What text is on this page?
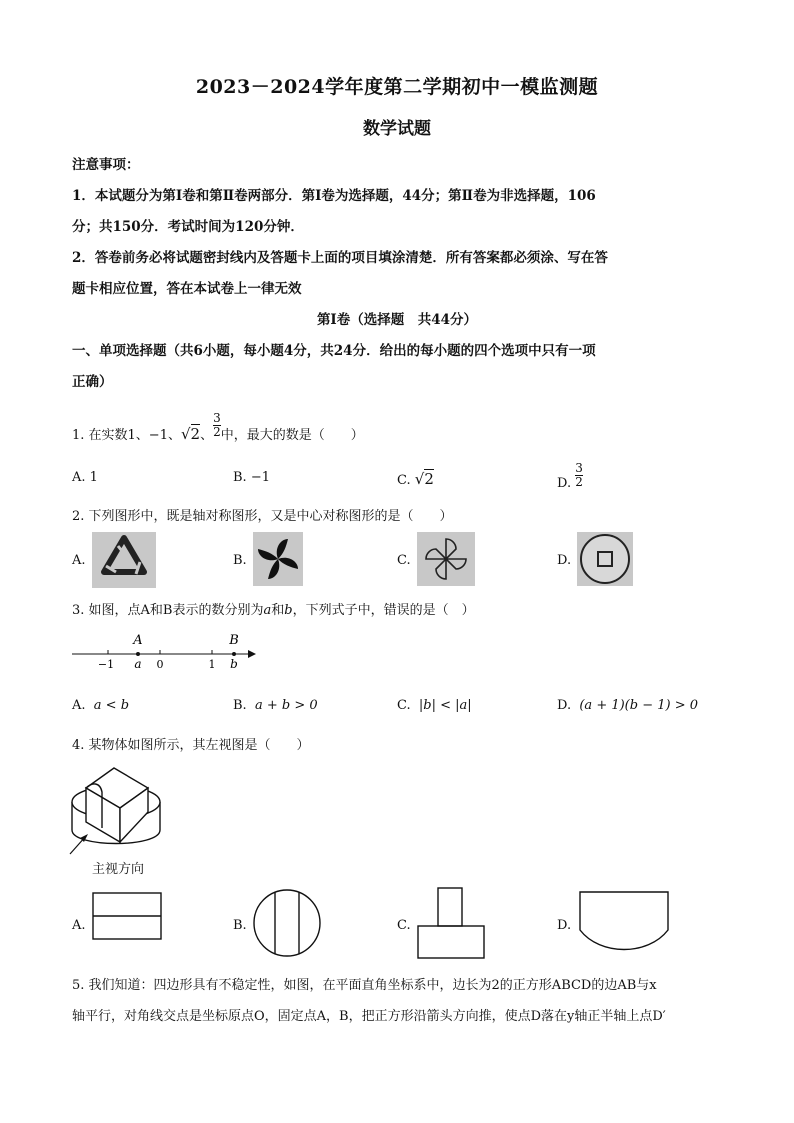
2023－2024学年度第二学期初中一模监测题
数学试题
注意事项：
1．本试题分为第Ⅰ卷和第Ⅱ卷两部分．第Ⅰ卷为选择题，44分；第Ⅱ卷为非选择题，106
分；共150分．考试时间为120分钟．
2．答卷前务必将试题密封线内及答题卡上面的项目填涂清楚．所有答案都必须涂、写在答
题卡相应位置，答在本试卷上一律无效
第Ⅰ卷（选择题　共44分）
一、单项选择题（共6小题，每小题4分，共24分．给出的每小题的四个选项中只有一项
正确）
1. 在实数1、−1、√2、 $\frac{3}{2}$ 中，最大的数是（　　）
A. 1	B. −1	C. √2	D. $\frac{3}{2}$
2. 下列图形中，既是轴对称图形，又是中心对称图形的是（　　）
A.	B.	C.	D.
3. 如图，点A和B表示的数分别为a和b，下列式子中，错误的是（　）
A	B
−1 a 0	1 b
A. a < b	B. a + b > 0	C. |b| < |a|	D. (a + 1)(b − 1) > 0
4. 某物体如图所示，其左视图是（　　）
主视方向
A.	B.	C.	D.
5. 我们知道：四边形具有不稳定性，如图，在平面直角坐标系中，边长为2的正方形ABCD的边AB与x
轴平行，对角线交点是坐标原点O，固定点A，B，把正方形沿箭头方向推，使点D落在y轴正半轴上点D′
